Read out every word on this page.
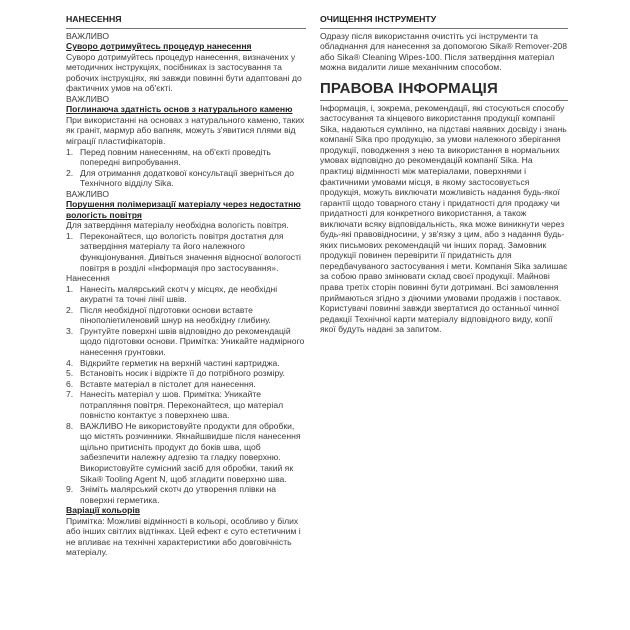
НАНЕСЕННЯ

ВАЖЛИВО

Суворо дотримуйтесь процедур нанесення

Суворо дотримуйтесь процедур нанесення, визначених у методичних інструкціях, посібниках із застосування та робочих інструкціях, які завжди повинні бути адаптовані до фактичних умов на об'єкті.

ВАЖЛИВО

Поглинаюча здатність основ з натурального каменю

При використанні на основах з натурального каменю, таких як граніт, мармур або вапняк, можуть з'явитися плями від міграції пластифікаторів.

1. Перед повним нанесенням, на об'єкті проведіть попередні випробування.
2. Для отримання додаткової консультації зверніться до Технічного відділу Sika.

ВАЖЛИВО

Порушення полімеризації матеріалу через недостатню вологість повітря

Для затвердіння матеріалу необхідна вологість повітря.

1. Переконайтеся, що вологість повітря достатня для затвердіння матеріалу та його належного функціонування. Дивіться значення відносної вологості повітря в розділі «Інформація про застосування».

Нанесення

1. Нанесіть малярський скотч у місцях, де необхідні акуратні та точні лінії швів.
2. Після необхідної підготовки основи вставте пінополіетиленовий шнур на необхідну глибину.
3. Грунтуйте поверхні швів відповідно до рекомендацій щодо підготовки основи. Примітка: Уникайте надмірного нанесення грунтовки.
4. Відкрийте герметик на верхній частині картриджа.
5. Встановіть носик і відріжте її до потрібного розміру.
6. Вставте матеріал в пістолет для нанесення.
7. Нанесіть матеріал у шов. Примітка: Уникайте потрапляння повітря. Переконайтеся, що матеріал повністю контактує з поверхнею шва.
8. ВАЖЛИВО Не використовуйте продукти для обробки, що містять розчинники. Якнайшвидше після нанесення щільно притисніть продукт до боків шва, щоб забезпечити належну адгезію та гладку поверхню. Використовуйте сумісний засіб для обробки, такий як Sika® Tooling Agent N, щоб згладити поверхню шва.
9. Зніміть малярський скотч до утворення плівки на поверхні герметика.

Варіації кольорів

Примітка: Можливі відмінності в кольорі, особливо у білих або інших світлих відтінках. Цей ефект є суто естетичним і не впливає на технічні характеристики або довговічність матеріалу.

ОЧИЩЕННЯ ІНСТРУМЕНТУ

Одразу після використання очистіть усі інструменти та обладнання для нанесення за допомогою Sika® Remover-208 або Sika® Cleaning Wipes-100. Після затвердіння матеріал можна видалити лише механічним способом.

ПРАВОВА ІНФОРМАЦІЯ

Інформація, і, зокрема, рекомендації, які стосуються способу застосування та кінцевого використання продукції компанії Sika, надаються сумлінно, на підставі наявних досвіду і знань компанії Sika про продукцію, за умови належного зберігання продукції, поводження з нею та використання в нормальних умовах відповідно до рекомендацій компанії Sika. На практиці відмінності між матеріалами, поверхнями і фактичними умовами місця, в якому застосовується продукція, можуть виключати можливість надання будь-якої гарантії щодо товарного стану і придатності для продажу чи придатності для конкретного використання, а також виключати всяку відповідальність, яка може виникнути через будь-які правовідносини, у зв'язку з цим, або з надання будь-яких письмових рекомендацій чи інших порад. Замовник продукції повинен перевірити її придатність для передбачуваного застосування і мети. Компанія Sika залишає за собою право змінювати склад своєї продукції. Майнові права третіх сторін повинні бути дотримані. Всі замовлення приймаються згідно з діючими умовами продажів і поставок. Користувачі повинні завжди звертатися до останньої чинної редакції Технічної карти матеріалу відповідного виду, копії якої будуть надані за запитом.
